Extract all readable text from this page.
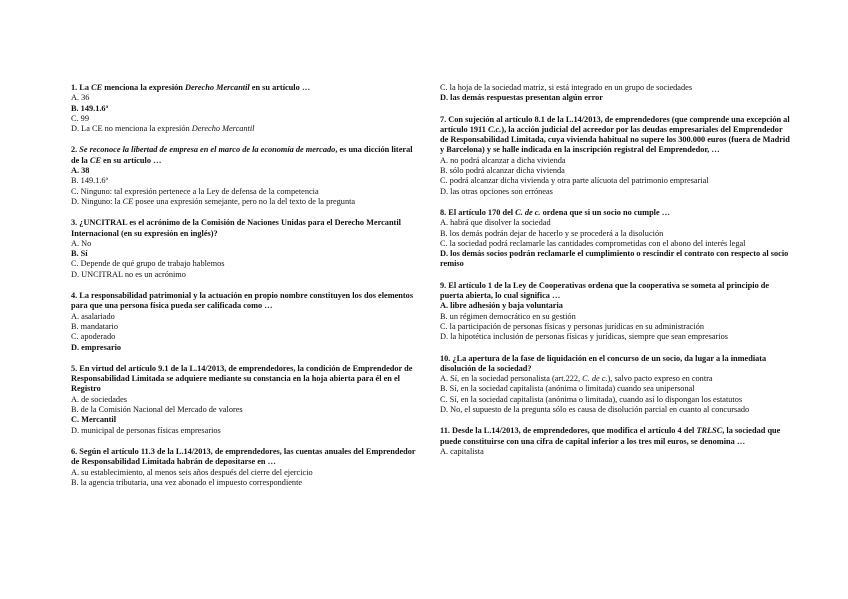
1. La CE menciona la expresión Derecho Mercantil en su artículo …
A. 36
B. 149.1.6ª
C. 99
D. La CE no menciona la expresión Derecho Mercantil
2. Se reconoce la libertad de empresa en el marco de la economía de mercado, es una dicción literal de la CE en su artículo …
A. 38
B. 149.1.6ª
C. Ninguno: tal expresión pertenece a la Ley de defensa de la competencia
D. Ninguno: la CE posee una expresión semejante, pero no la del texto de la pregunta
3. ¿UNCITRAL es el acrónimo de la Comisión de Naciones Unidas para el Derecho Mercantil Internacional (en su expresión en inglés)?
A. No
B. Sí
C. Depende de qué grupo de trabajo hablemos
D. UNCITRAL no es un acrónimo
4. La responsabilidad patrimonial y la actuación en propio nombre constituyen los dos elementos para que una persona física pueda ser calificada como …
A. asalariado
B. mandatario
C. apoderado
D. empresario
5. En virtud del artículo 9.1 de la L.14/2013, de emprendedores, la condición de Emprendedor de Responsabilidad Limitada se adquiere mediante su constancia en la hoja abierta para él en el Registro
A. de sociedades
B. de la Comisión Nacional del Mercado de valores
C. Mercantil
D. municipal de personas físicas empresarios
6. Según el artículo 11.3 de la L.14/2013, de emprendedores, las cuentas anuales del Emprendedor de Responsabilidad Limitada habrán de depositarse en …
A. su establecimiento, al menos seis años después del cierre del ejercicio
B. la agencia tributaria, una vez abonado el impuesto correspondiente
C. la hoja de la sociedad matriz, si está integrado en un grupo de sociedades
D. las demás respuestas presentan algún error
7. Con sujeción al artículo 8.1 de la L.14/2013, de emprendedores (que comprende una excepción al artículo 1911 C.c.), la acción judicial del acreedor por las deudas empresariales del Emprendedor de Responsabilidad Limitada, cuya vivienda habitual no supere los 300.000 euros (fuera de Madrid y Barcelona) y se halle indicada en la inscripción registral del Emprendedor, …
A. no podrá alcanzar a dicha vivienda
B. sólo podrá alcanzar dicha vivienda
C. podrá alcanzar dicha vivienda y otra parte alícuota del patrimonio empresarial
D. las otras opciones son erróneas
8. El artículo 170 del C. de c. ordena que si un socio no cumple …
A. habrá que disolver la sociedad
B. los demás podrán dejar de hacerlo y se procederá a la disolución
C. la sociedad podrá reclamarle las cantidades comprometidas con el abono del interés legal
D. los demás socios podrán reclamarle el cumplimiento o rescindir el contrato con respecto al socio remiso
9. El artículo 1 de la Ley de Cooperativas ordena que la cooperativa se someta al principio de puerta abierta, lo cual significa …
A. libre adhesión y baja voluntaria
B. un régimen democrático en su gestión
C. la participación de personas físicas y personas jurídicas en su administración
D. la hipotética inclusión de personas físicas y jurídicas, siempre que sean empresarios
10. ¿La apertura de la fase de liquidación en el concurso de un socio, da lugar a la inmediata disolución de la sociedad?
A. Sí, en la sociedad personalista (art.222, C. de c.), salvo pacto expreso en contra
B. Sí, en la sociedad capitalista (anónima o limitada) cuando sea unipersonal
C. Sí, en la sociedad capitalista (anónima o limitada), cuando así lo dispongan los estatutos
D. No, el supuesto de la pregunta sólo es causa de disolución parcial en cuanto al concursado
11. Desde la L.14/2013, de emprendedores, que modifica el artículo 4 del TRLSC, la sociedad que puede constituirse con una cifra de capital inferior a los tres mil euros, se denomina …
A. capitalista
